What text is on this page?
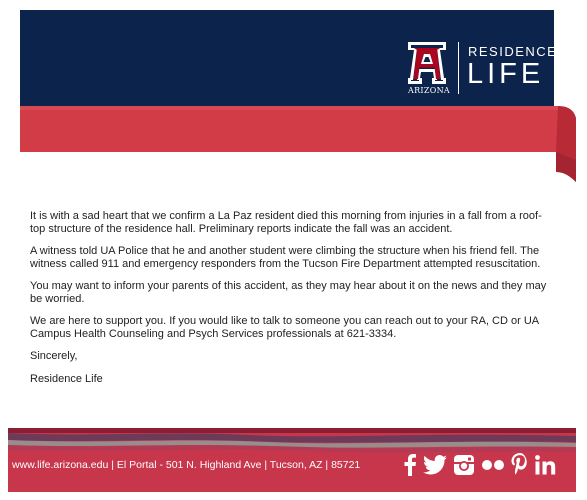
ARIZONA
RESIDENCE
LIFE

It is with a sad heart that we confirm a La Paz resident died this morning from injuries in a fall from a roof- top structure of the residence hall. Preliminary reports indicate the fall was an accident.

A witness told UA Police that he and another student were climbing the structure when his friend fell. The witness called 911 and emergency responders from the Tucson Fire Department attempted resuscitation.

You may want to inform your parents of this accident, as they may hear about it on the news and they may be worried.

We are here to support you. If you would like to talk to someone you can reach out to your RA, CD or UA Campus Health Counseling and Psych Services professionals at 621-3334.

Sincerely,

Residence Life

www.life.arizona.edu | El Portal - 501 N. Highland Ave | Tucson, AZ | 85721
